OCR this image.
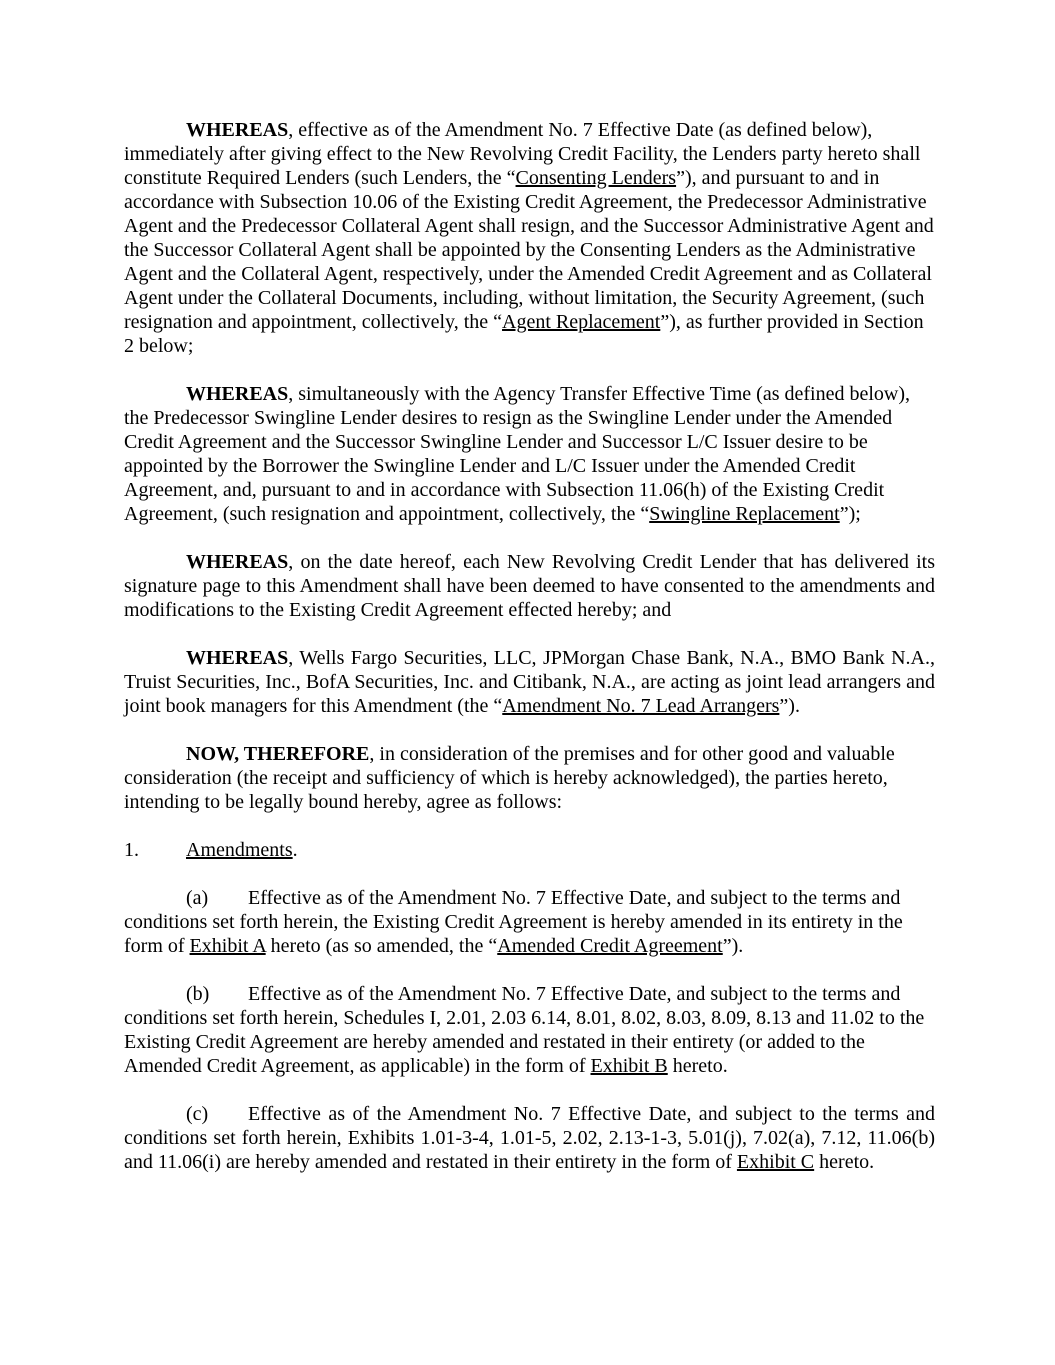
WHEREAS, effective as of the Amendment No. 7 Effective Date (as defined below), immediately after giving effect to the New Revolving Credit Facility, the Lenders party hereto shall constitute Required Lenders (such Lenders, the “Consenting Lenders”), and pursuant to and in accordance with Subsection 10.06 of the Existing Credit Agreement, the Predecessor Administrative Agent and the Predecessor Collateral Agent shall resign, and the Successor Administrative Agent and the Successor Collateral Agent shall be appointed by the Consenting Lenders as the Administrative Agent and the Collateral Agent, respectively, under the Amended Credit Agreement and as Collateral Agent under the Collateral Documents, including, without limitation, the Security Agreement, (such resignation and appointment, collectively, the “Agent Replacement”), as further provided in Section 2 below;

WHEREAS, simultaneously with the Agency Transfer Effective Time (as defined below), the Predecessor Swingline Lender desires to resign as the Swingline Lender under the Amended Credit Agreement and the Successor Swingline Lender and Successor L/C Issuer desire to be appointed by the Borrower the Swingline Lender and L/C Issuer under the Amended Credit Agreement, and, pursuant to and in accordance with Subsection 11.06(h) of the Existing Credit Agreement, (such resignation and appointment, collectively, the “Swingline Replacement”);

WHEREAS, on the date hereof, each New Revolving Credit Lender that has delivered its signature page to this Amendment shall have been deemed to have consented to the amendments and modifications to the Existing Credit Agreement effected hereby; and

WHEREAS, Wells Fargo Securities, LLC, JPMorgan Chase Bank, N.A., BMO Bank N.A., Truist Securities, Inc., BofA Securities, Inc. and Citibank, N.A., are acting as joint lead arrangers and joint book managers for this Amendment (the “Amendment No. 7 Lead Arrangers”).

NOW, THEREFORE, in consideration of the premises and for other good and valuable consideration (the receipt and sufficiency of which is hereby acknowledged), the parties hereto, intending to be legally bound hereby, agree as follows:

1. Amendments.

(a) Effective as of the Amendment No. 7 Effective Date, and subject to the terms and conditions set forth herein, the Existing Credit Agreement is hereby amended in its entirety in the form of Exhibit A hereto (as so amended, the “Amended Credit Agreement”).

(b) Effective as of the Amendment No. 7 Effective Date, and subject to the terms and conditions set forth herein, Schedules I, 2.01, 2.03 6.14, 8.01, 8.02, 8.03, 8.09, 8.13 and 11.02 to the Existing Credit Agreement are hereby amended and restated in their entirety (or added to the Amended Credit Agreement, as applicable) in the form of Exhibit B hereto.

(c) Effective as of the Amendment No. 7 Effective Date, and subject to the terms and conditions set forth herein, Exhibits 1.01-3-4, 1.01-5, 2.02, 2.13-1-3, 5.01(j), 7.02(a), 7.12, 11.06(b) and 11.06(i) are hereby amended and restated in their entirety in the form of Exhibit C hereto.
